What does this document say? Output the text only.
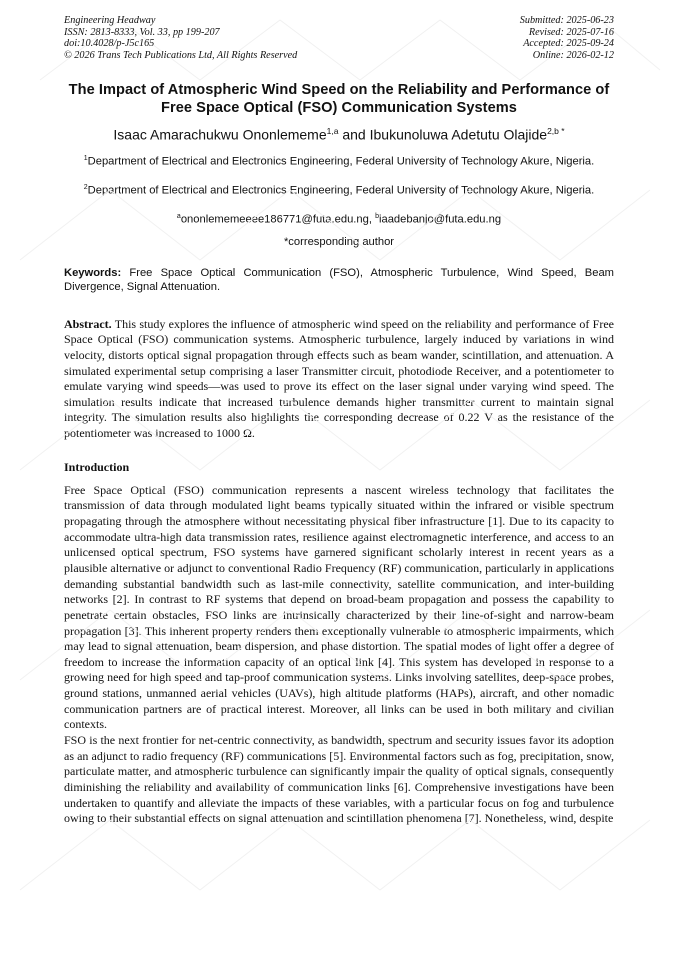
Engineering Headway
ISSN: 2813-8333, Vol. 33, pp 199-207
doi:10.4028/p-J5c165
© 2026 Trans Tech Publications Ltd, All Rights Reserved
Submitted: 2025-06-23
Revised: 2025-07-16
Accepted: 2025-09-24
Online: 2026-02-12
The Impact of Atmospheric Wind Speed on the Reliability and Performance of Free Space Optical (FSO) Communication Systems
Isaac Amarachukwu Ononlememe$^{1,a}$ and Ibukunoluwa Adetutu Olajide$^{2,b *}$
$^1$Department of Electrical and Electronics Engineering, Federal University of Technology Akure, Nigeria.
$^2$Department of Electrical and Electronics Engineering, Federal University of Technology Akure, Nigeria.
$^a$ononlememeeee186771@futa.edu.ng, $^b$iaadebanjo@futa.edu.ng
*corresponding author
Keywords: Free Space Optical Communication (FSO), Atmospheric Turbulence, Wind Speed, Beam Divergence, Signal Attenuation.
Abstract. This study explores the influence of atmospheric wind speed on the reliability and performance of Free Space Optical (FSO) communication systems. Atmospheric turbulence, largely induced by variations in wind velocity, distorts optical signal propagation through effects such as beam wander, scintillation, and attenuation. A simulated experimental setup comprising a laser Transmitter circuit, photodiode Receiver, and a potentiometer to emulate varying wind speeds—was used to prove its effect on the laser signal under varying wind speed. The simulation results indicate that increased turbulence demands higher transmitter current to maintain signal integrity. The simulation results also highlights the corresponding decrease of 0.22 V as the resistance of the potentiometer was increased to 1000 Ω.
Introduction

Free Space Optical (FSO) communication represents a nascent wireless technology that facilitates the transmission of data through modulated light beams typically situated within the infrared or visible spectrum propagating through the atmosphere without necessitating physical fiber infrastructure [1]. Due to its capacity to accommodate ultra-high data transmission rates, resilience against electromagnetic interference, and access to an unlicensed optical spectrum, FSO systems have garnered significant scholarly interest in recent years as a plausible alternative or adjunct to conventional Radio Frequency (RF) communication, particularly in applications demanding substantial bandwidth such as last-mile connectivity, satellite communication, and inter-building networks [2]. In contrast to RF systems that depend on broad-beam propagation and possess the capability to penetrate certain obstacles, FSO links are intrinsically characterized by their line-of-sight and narrow-beam propagation [3]. This inherent property renders them exceptionally vulnerable to atmospheric impairments, which may lead to signal attenuation, beam dispersion, and phase distortion. The spatial modes of light offer a degree of freedom to increase the information capacity of an optical link [4]. This system has developed in response to a growing need for high speed and tap-proof communication systems. Links involving satellites, deep-space probes, ground stations, unmanned aerial vehicles (UAVs), high altitude platforms (HAPs), aircraft, and other nomadic communication partners are of practical interest. Moreover, all links can be used in both military and civilian contexts.

FSO is the next frontier for net-centric connectivity, as bandwidth, spectrum and security issues favor its adoption as an adjunct to radio frequency (RF) communications [5]. Environmental factors such as fog, precipitation, snow, particulate matter, and atmospheric turbulence can significantly impair the quality of optical signals, consequently diminishing the reliability and availability of communication links [6]. Comprehensive investigations have been undertaken to quantify and alleviate the impacts of these variables, with a particular focus on fog and turbulence owing to their substantial effects on signal attenuation and scintillation phenomena [7]. Nonetheless, wind, despite
